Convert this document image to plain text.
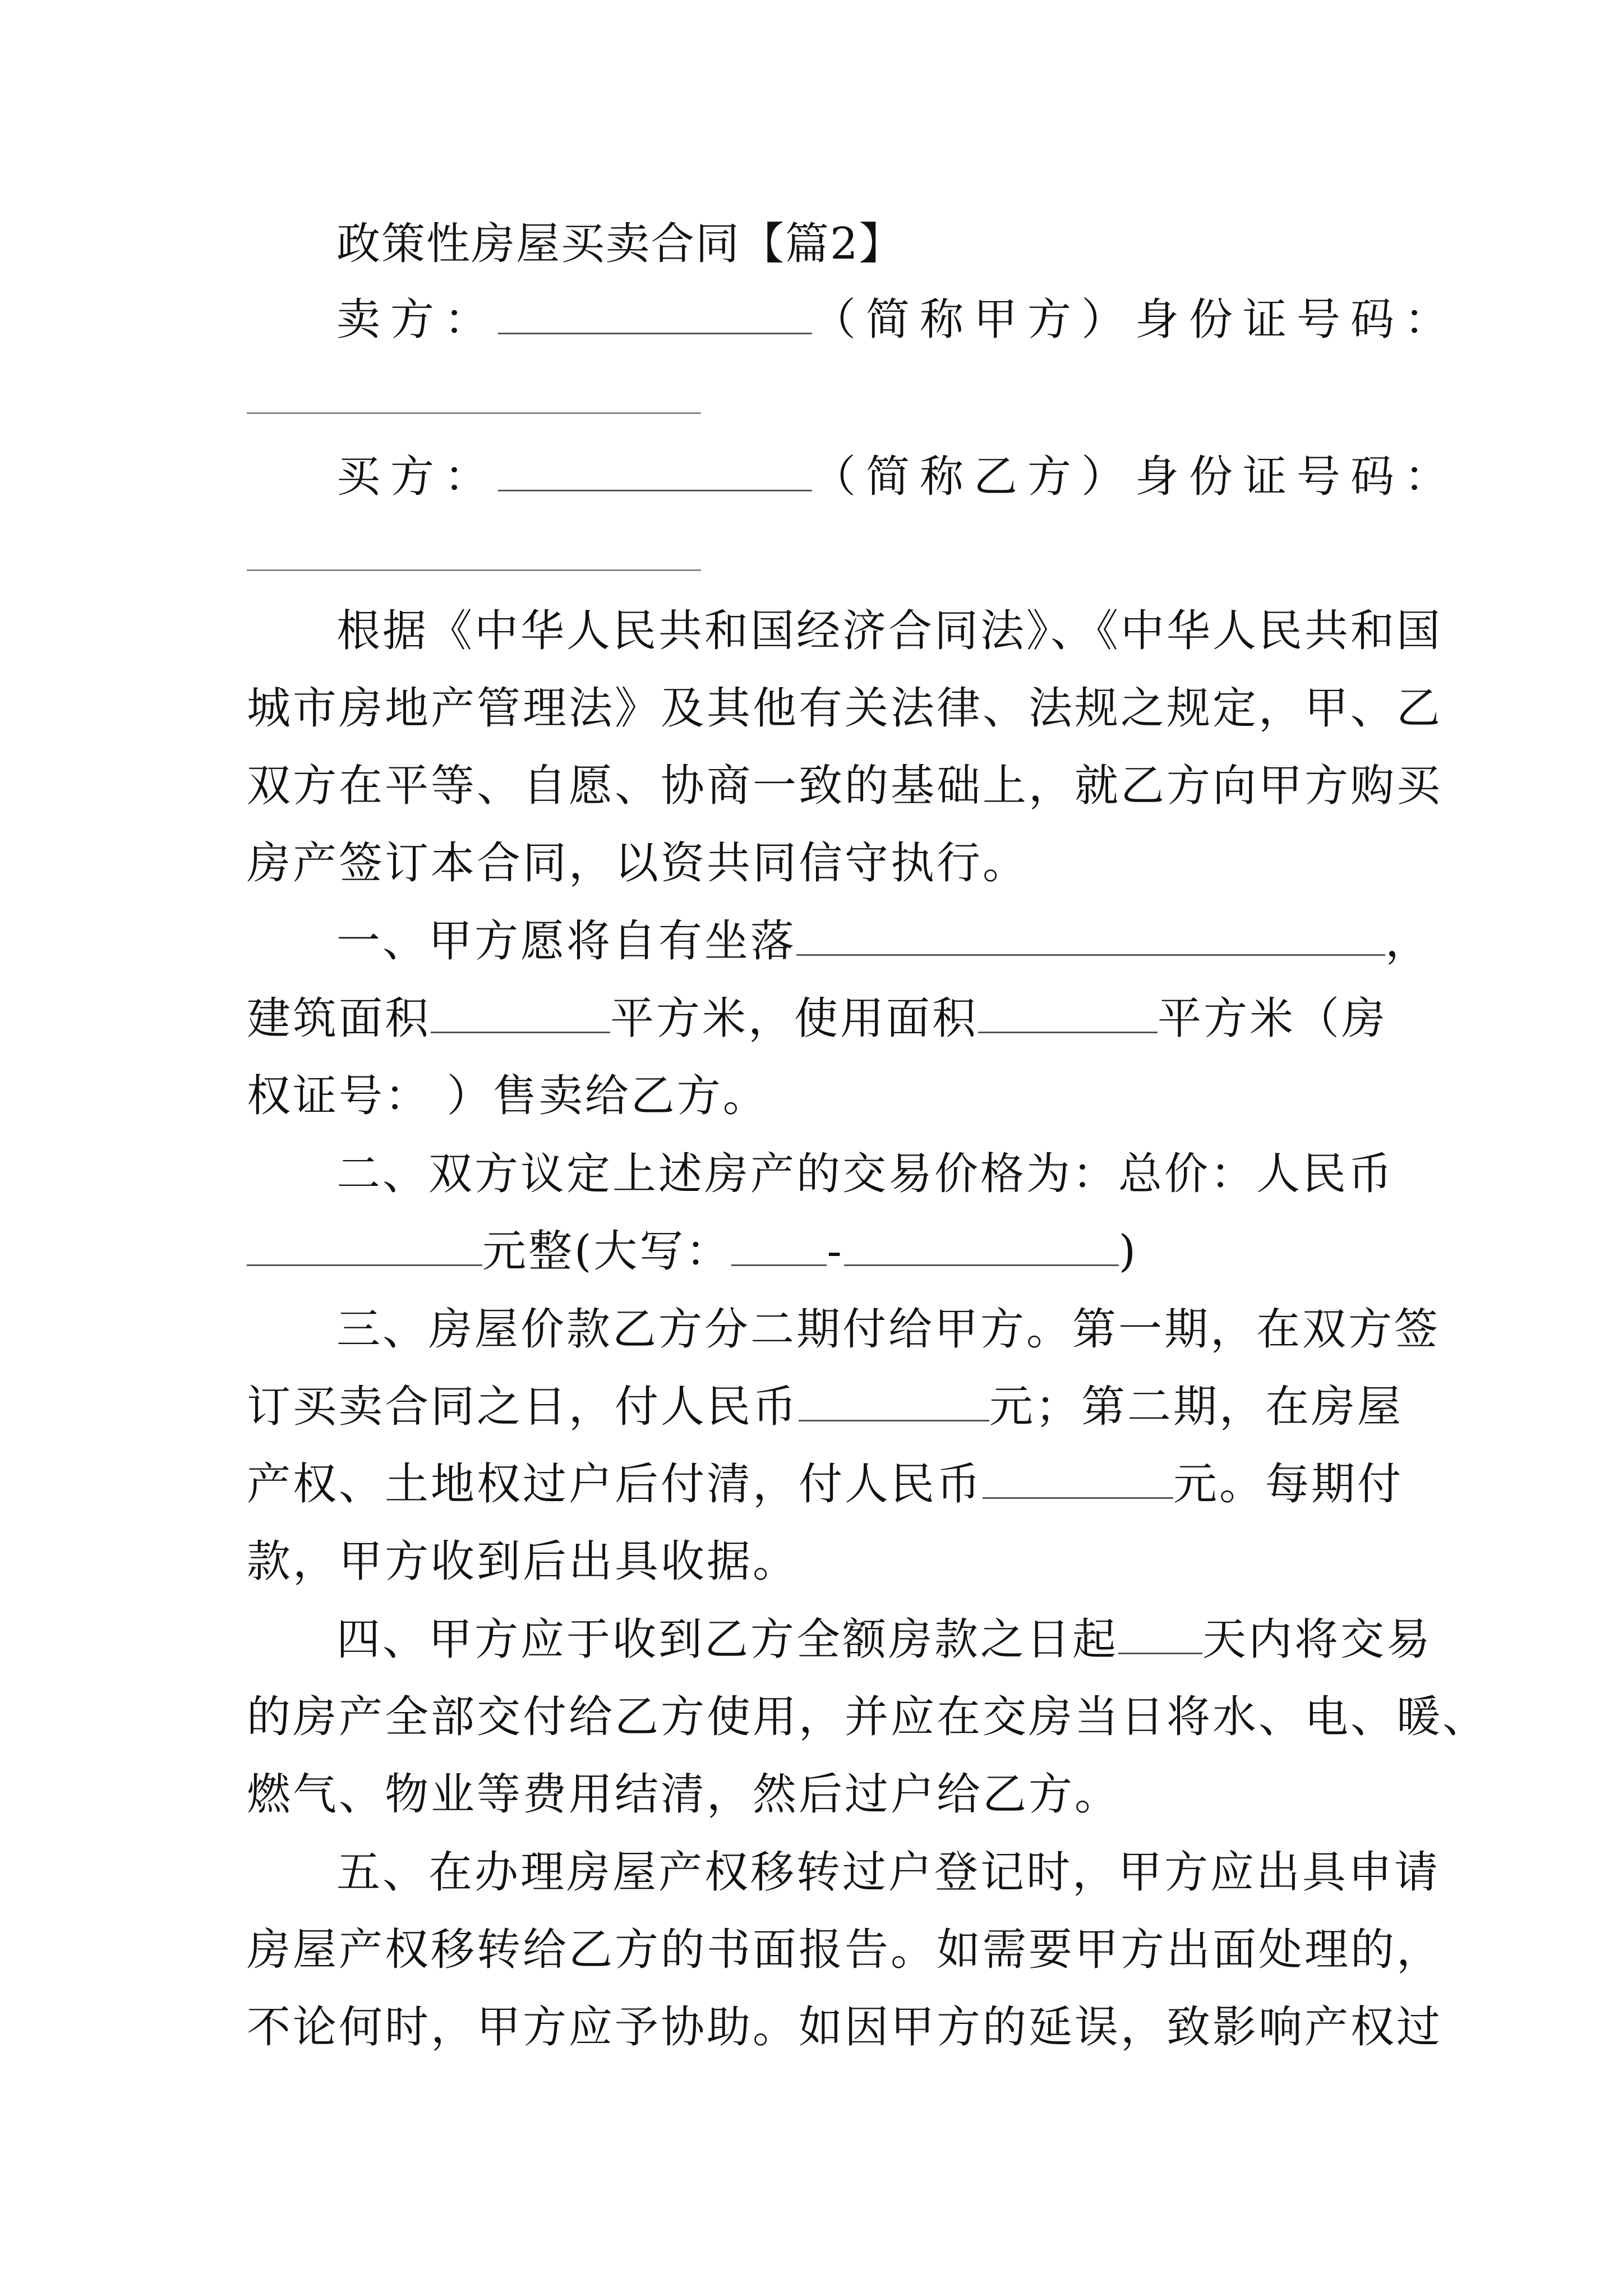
政策性房屋买卖合同【篇2】
卖方：	（简称甲方）身份证号码：
买方：	（简称乙方）身份证号码：
根据《中华人民共和国经济合同法》、《中华人民共和国
城市房地产管理法》及其他有关法律、法规之规定，甲、乙
双方在平等、自愿、协商一致的基础上，就乙方向甲方购买
房产签订本合同，以资共同信守执行。
一、甲方愿将自有坐落	，
建筑面积	平方米，使用面积	平方米（房
权证号： ）售卖给乙方。
二、双方议定上述房产的交易价格为：总价：人民币
元整(大写： -	)
三、房屋价款乙方分二期付给甲方。第一期，在双方签
订买卖合同之日，付人民币	元；第二期，在房屋
产权、土地权过户后付清，付人民币	元。每期付
款，甲方收到后出具收据。
四、甲方应于收到乙方全额房款之日起 天内将交易
的房产全部交付给乙方使用，并应在交房当日将水、电、暖、
燃气、物业等费用结清，然后过户给乙方。
五、在办理房屋产权移转过户登记时，甲方应出具申请
房屋产权移转给乙方的书面报告。如需要甲方出面处理的，
不论何时，甲方应予协助。如因甲方的延误，致影响产权过
